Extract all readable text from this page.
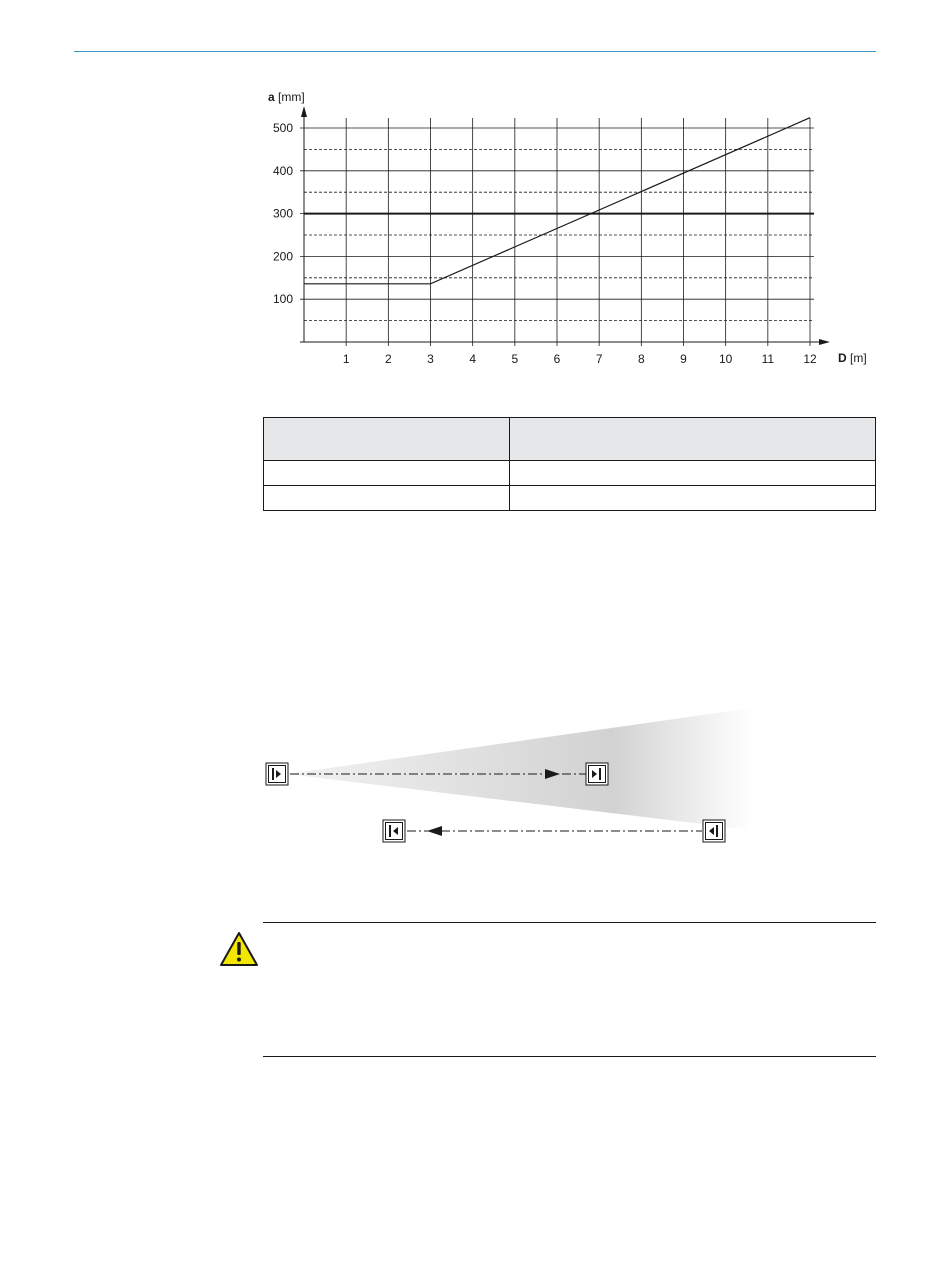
1	2	3	4	5	6	7	8	9	10 11 12
100
200
300
400
500
a [mm]
D [m]
